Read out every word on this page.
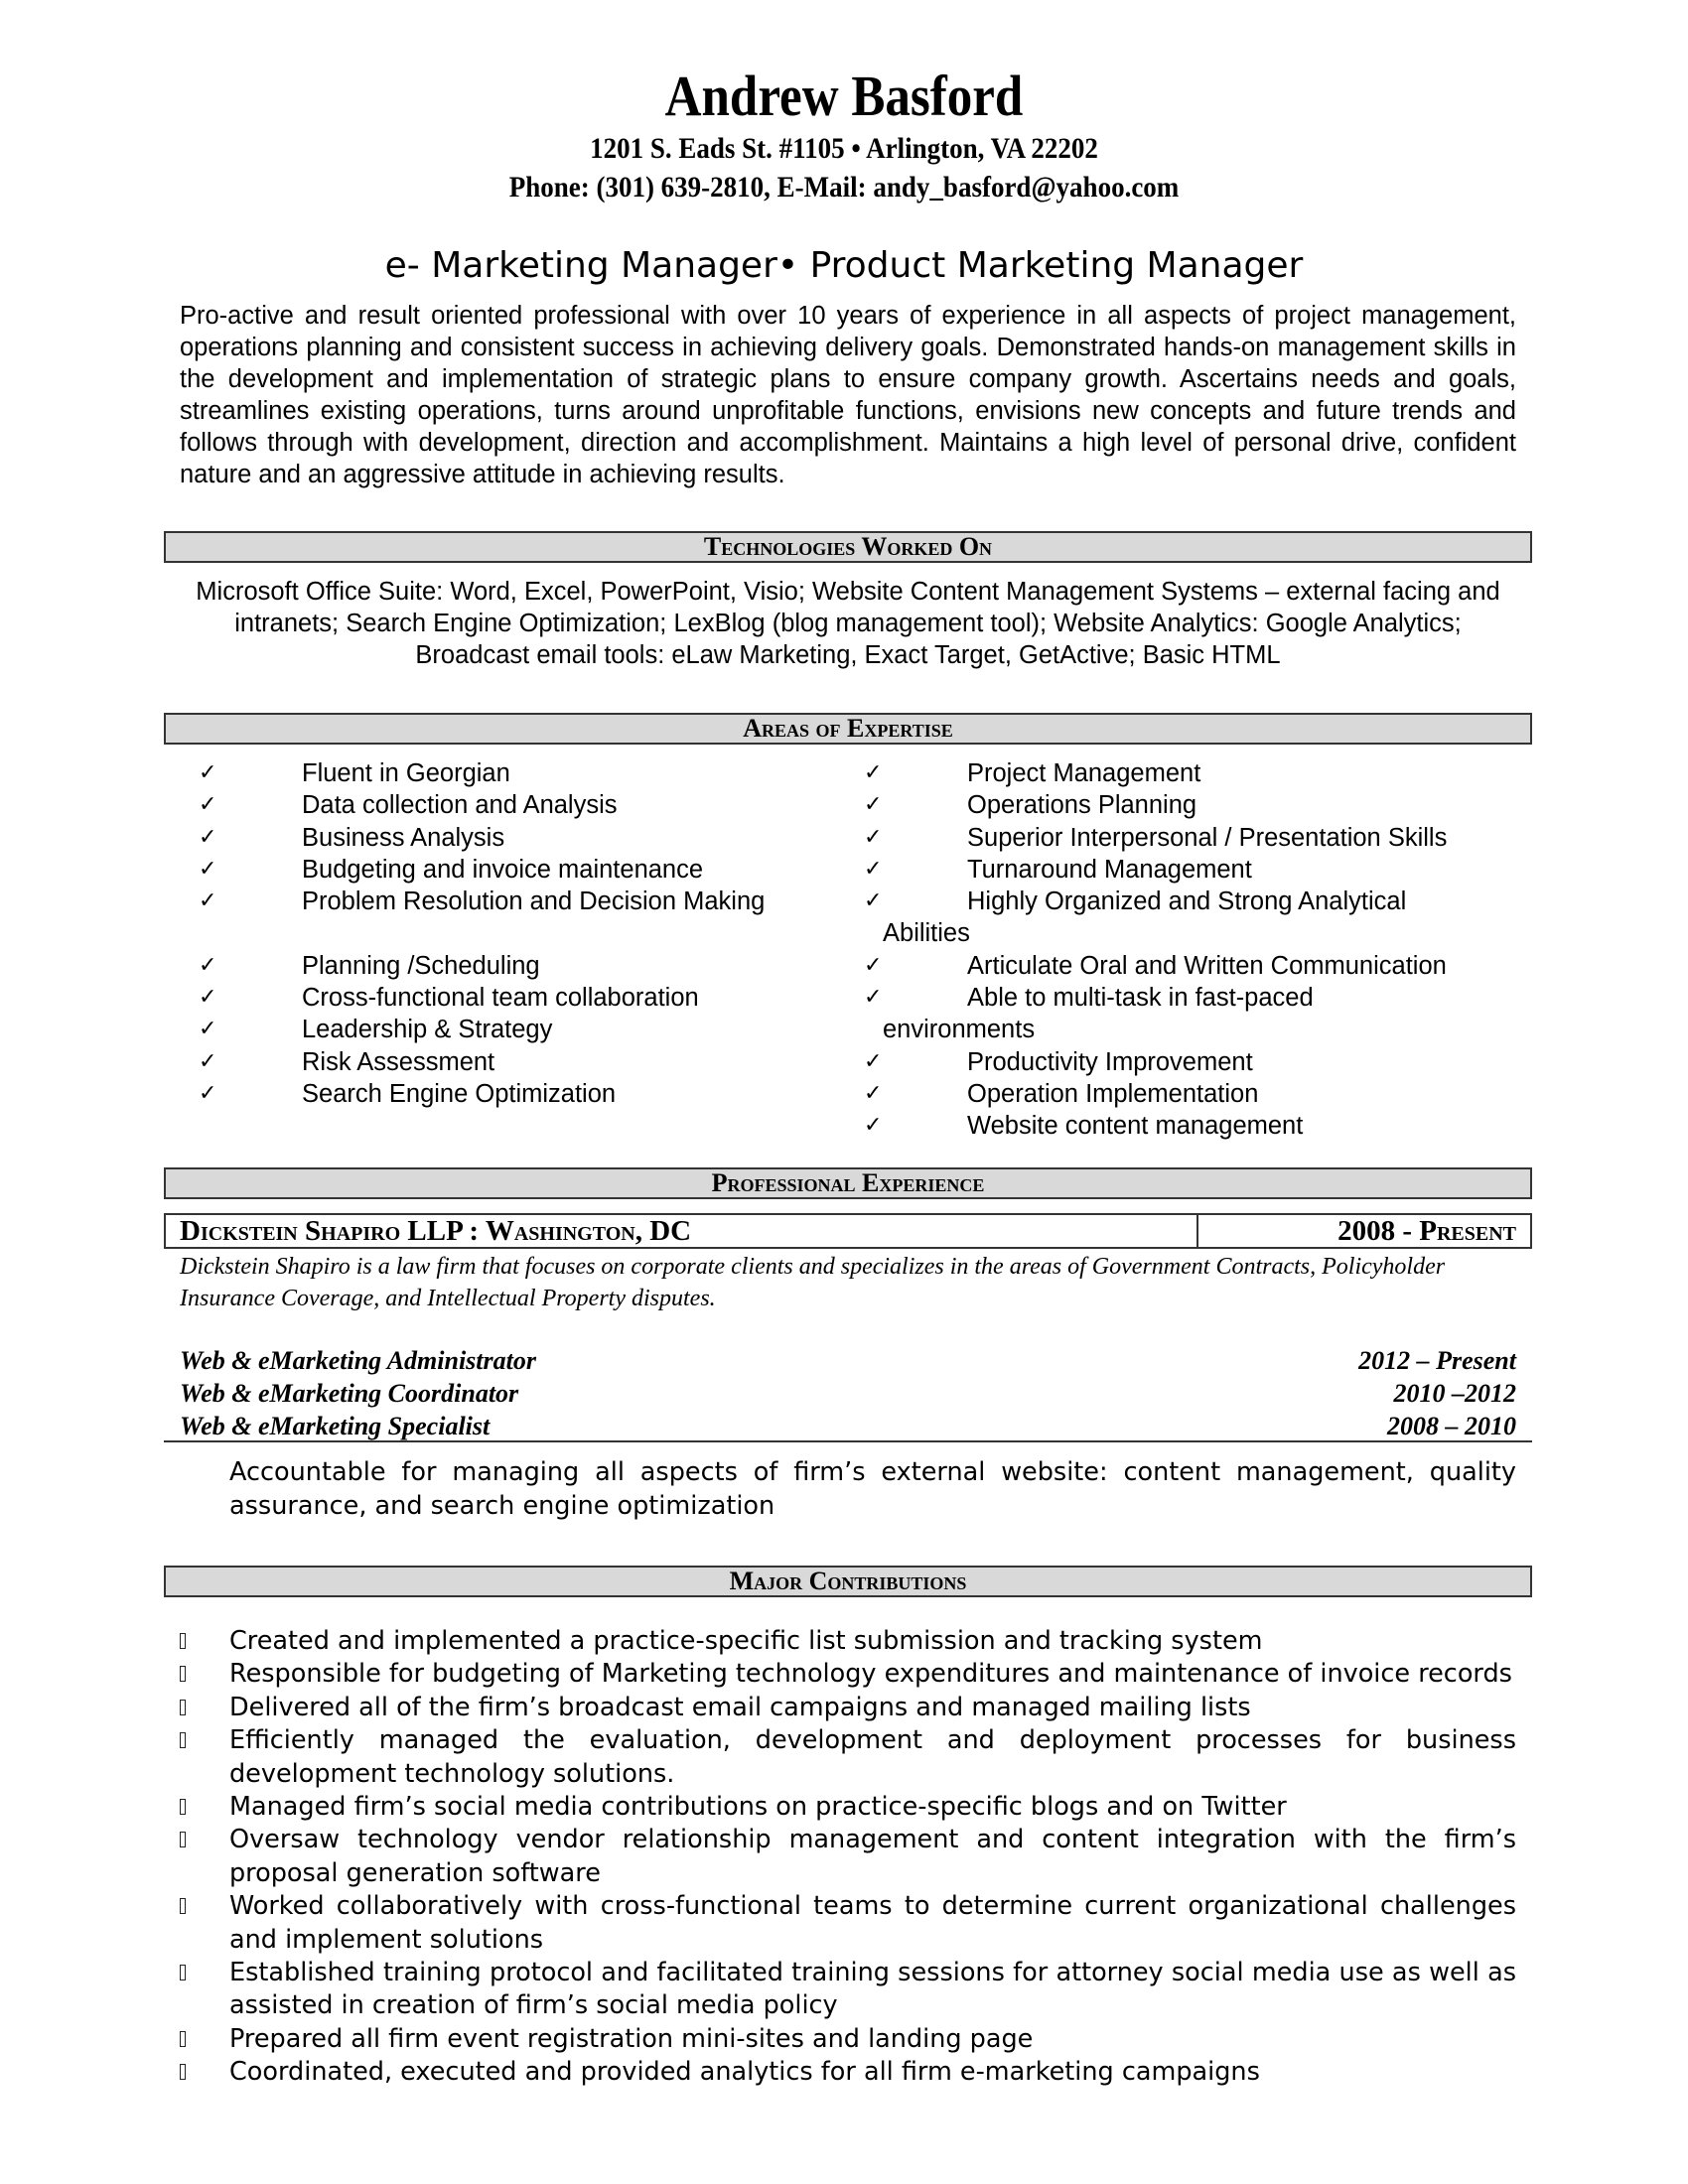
Andrew Basford
1201 S. Eads St. #1105 • Arlington, VA 22202
Phone: (301) 639-2810, E-Mail: andy_basford@yahoo.com
e- Marketing Manager• Product Marketing Manager
Pro-active and result oriented professional with over 10 years of experience in all aspects of project management, operations planning and consistent success in achieving delivery goals. Demonstrated hands-on management skills in the development and implementation of strategic plans to ensure company growth. Ascertains needs and goals, streamlines existing operations, turns around unprofitable functions, envisions new concepts and future trends and follows through with development, direction and accomplishment. Maintains a high level of personal drive, confident nature and an aggressive attitude in achieving results.
Technologies Worked On
Microsoft Office Suite: Word, Excel, PowerPoint, Visio; Website Content Management Systems – external facing and intranets; Search Engine Optimization; LexBlog (blog management tool); Website Analytics: Google Analytics; Broadcast email tools: eLaw Marketing, Exact Target, GetActive; Basic HTML
Areas of Expertise
✓	Fluent in Georgian
✓	Data collection and Analysis
✓	Business Analysis
✓	Budgeting and invoice maintenance
✓	Problem Resolution and Decision Making
✓	Planning /Scheduling
✓	Cross-functional team collaboration
✓	Leadership & Strategy
✓	Risk Assessment
✓	Search Engine Optimization
✓	Project Management
✓	Operations Planning
✓	Superior Interpersonal / Presentation Skills
✓	Turnaround Management
✓	Highly Organized and Strong Analytical
Abilities
✓	Articulate Oral and Written Communication
✓	Able to multi-task in fast-paced
environments
✓	Productivity Improvement
✓	Operation Implementation
✓	Website content management
Professional Experience
Dickstein Shapiro LLP : Washington, DC	2008 - Present
Dickstein Shapiro is a law firm that focuses on corporate clients and specializes in the areas of Government Contracts, Policyholder Insurance Coverage, and Intellectual Property disputes.
Web & eMarketing Administrator	2012 – Present
Web & eMarketing Coordinator	2010 –2012
Web & eMarketing Specialist	2008 – 2010
Accountable for managing all aspects of firm’s external website: content management, quality assurance, and search engine optimization
Major Contributions
Created and implemented a practice-specific list submission and tracking system
Responsible for budgeting of Marketing technology expenditures and maintenance of invoice records
Delivered all of the firm’s broadcast email campaigns and managed mailing lists
Efficiently managed the evaluation, development and deployment processes for business development technology solutions.
Managed firm’s social media contributions on practice-specific blogs and on Twitter
Oversaw technology vendor relationship management and content integration with the firm’s proposal generation software
Worked collaboratively with cross-functional teams to determine current organizational challenges and implement solutions
Established training protocol and facilitated training sessions for attorney social media use as well as assisted in creation of firm’s social media policy
Prepared all firm event registration mini-sites and landing page
Coordinated, executed and provided analytics for all firm e-marketing campaigns
